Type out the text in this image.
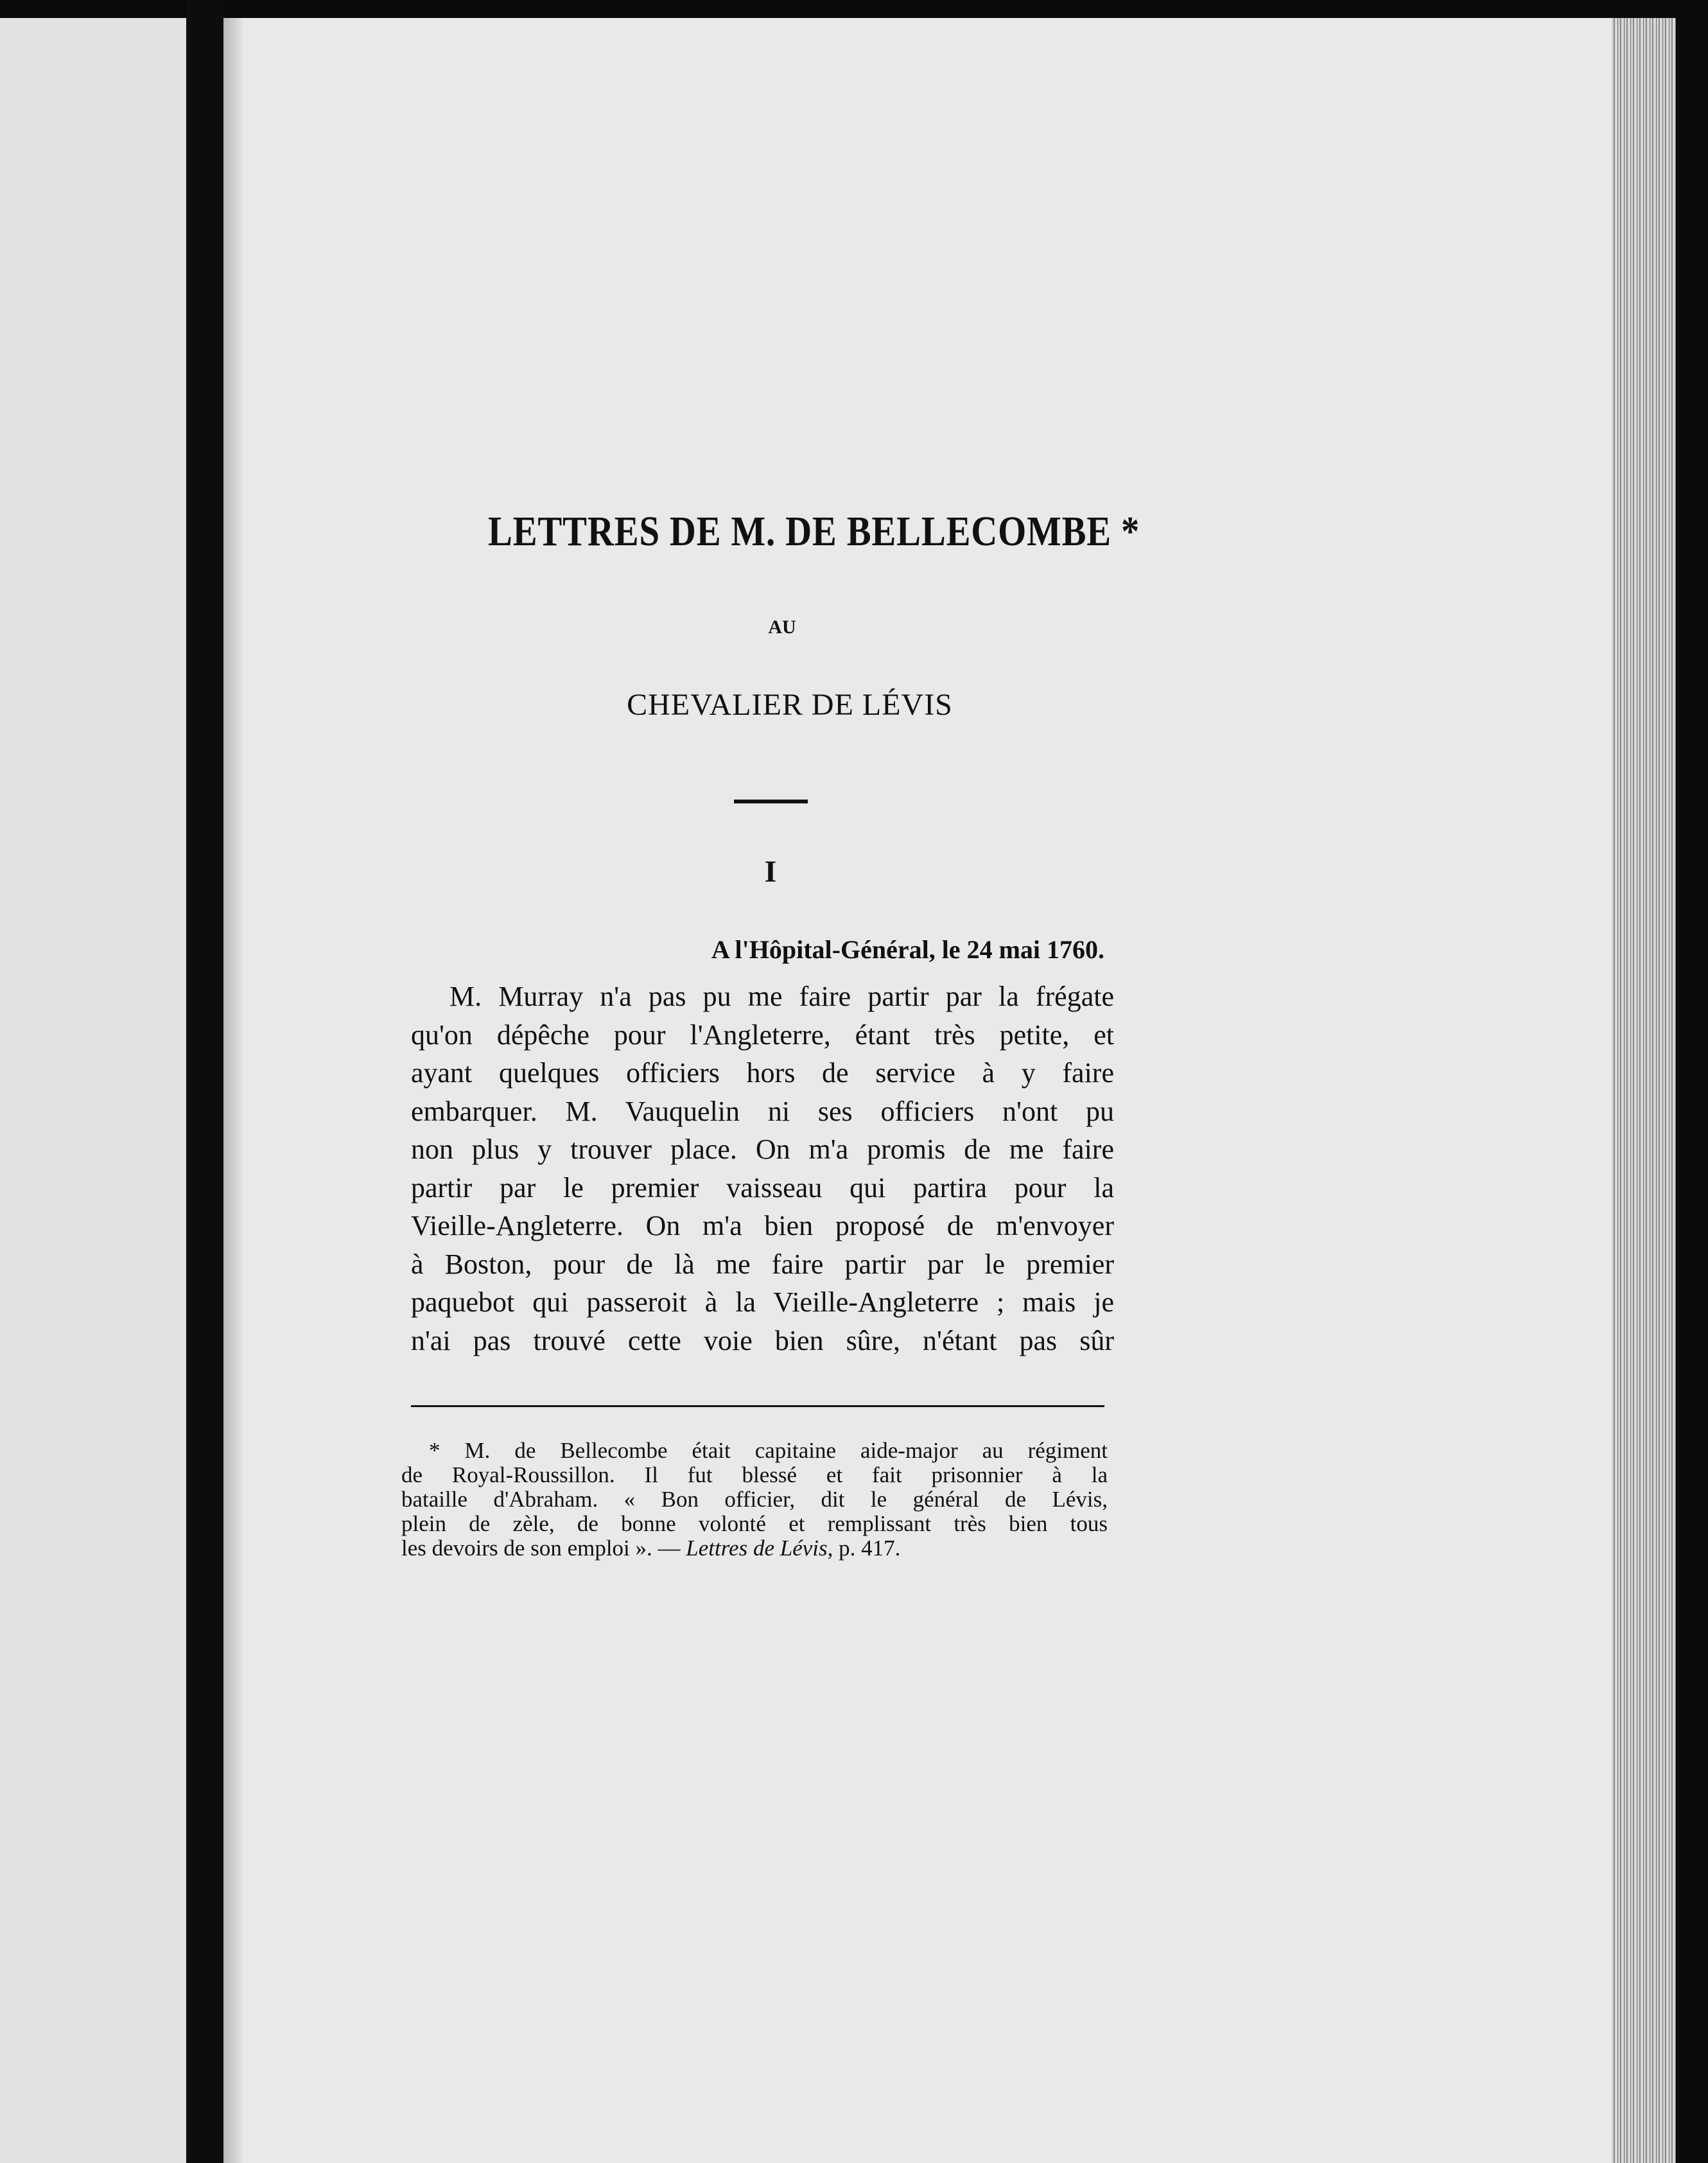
LETTRES DE M. DE BELLECOMBE *
AU
CHEVALIER DE LÉVIS
I
A l'Hôpital-Général, le 24 mai 1760.
M. Murray n'a pas pu me faire partir par la frégate
qu'on dépêche pour l'Angleterre, étant très petite, et
ayant quelques officiers hors de service à y faire
embarquer. M. Vauquelin ni ses officiers n'ont pu
non plus y trouver place. On m'a promis de me faire
partir par le premier vaisseau qui partira pour la
Vieille-Angleterre. On m'a bien proposé de m'envoyer
à Boston, pour de là me faire partir par le premier
paquebot qui passeroit à la Vieille-Angleterre ; mais je
n'ai pas trouvé cette voie bien sûre, n'étant pas sûr
* M. de Bellecombe était capitaine aide-major au régiment
de Royal-Roussillon. Il fut blessé et fait prisonnier à la
bataille d'Abraham. « Bon officier, dit le général de Lévis,
plein de zèle, de bonne volonté et remplissant très bien tous
les devoirs de son emploi ». — Lettres de Lévis, p. 417.
